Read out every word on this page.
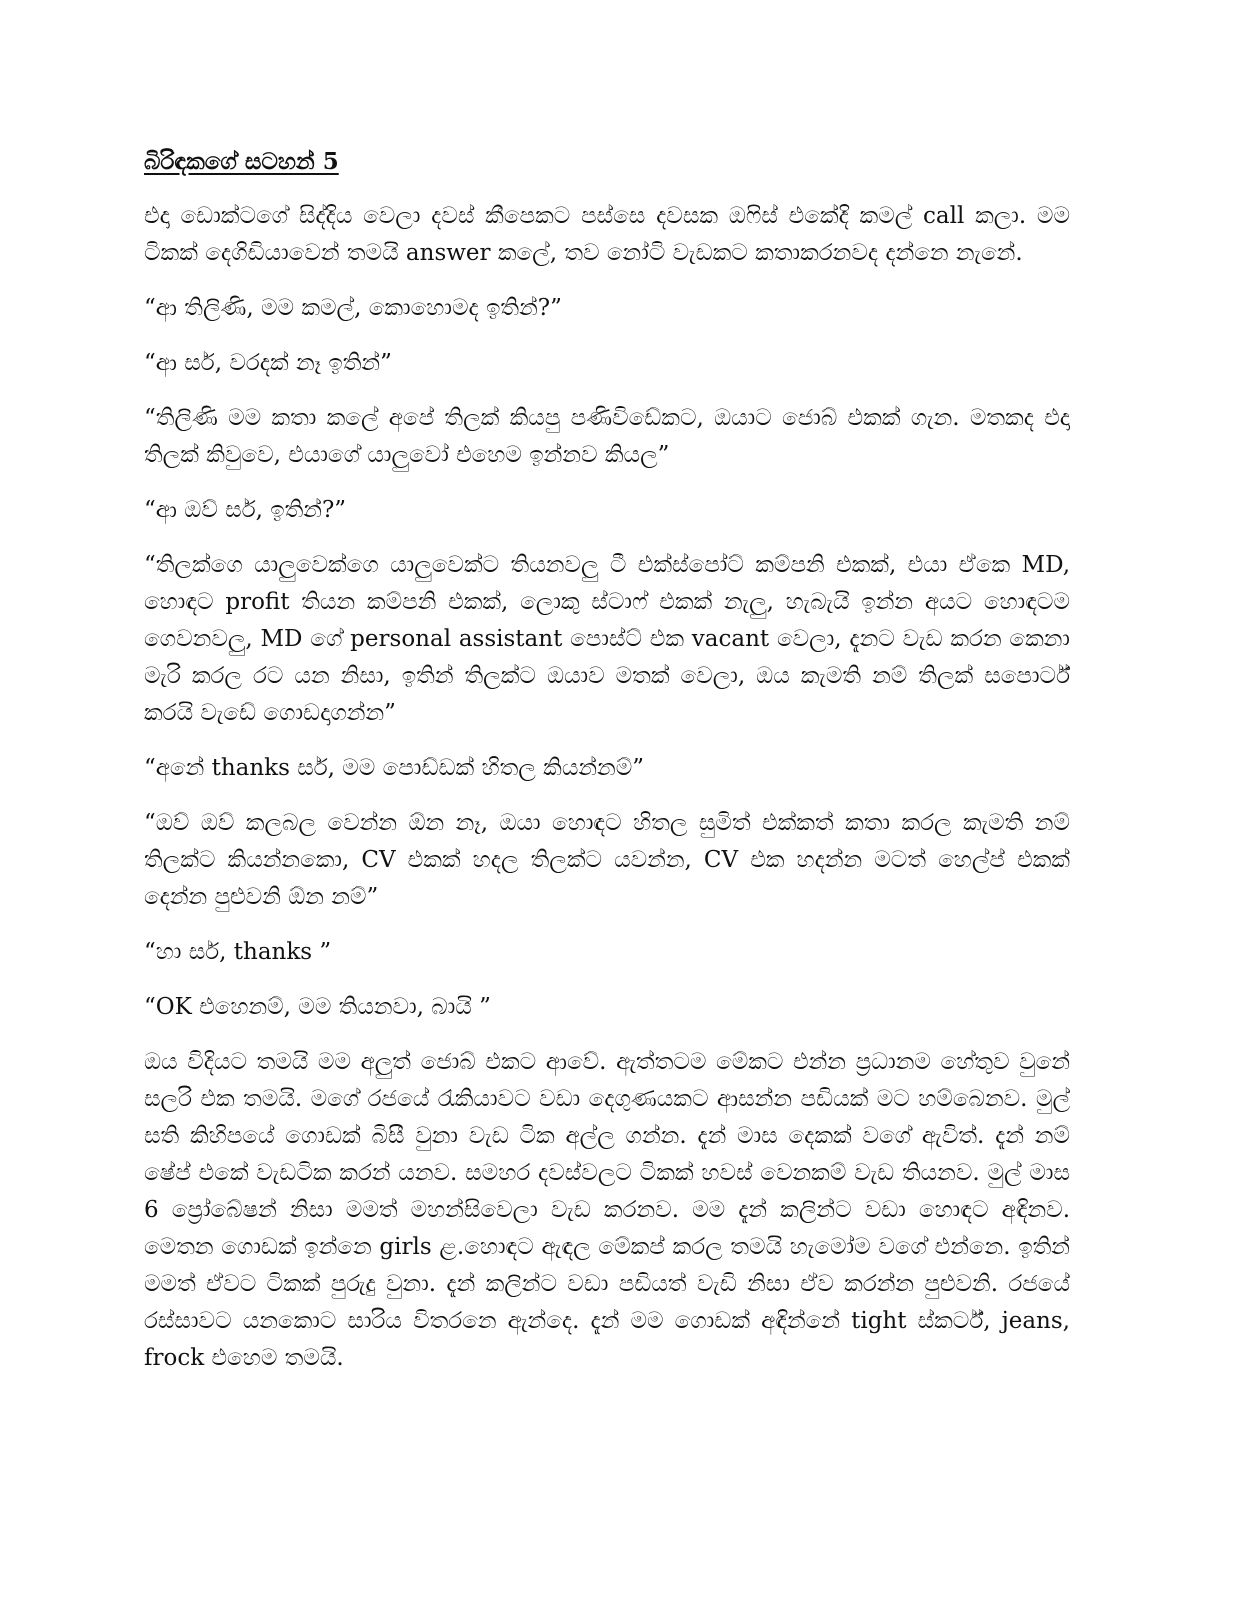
බිරිඳකගේ සටහන් 5

එදා ඩොක්ටගේ සිද්දිය වෙලා දවස් කීපෙකට පස්සෙ දවසක ඔෆිස් එකේදි කමල් call කලා. මම ටිකක් දෙගිඩියාවෙන් තමයි answer කලේ, තව නෝටි වැඩකට කතාකරනවද දන්නෙ නැනේ.

“ආ තිලිණි, මම කමල්, කොහොමද ඉතින්?”

“ආ සර්, වරදක් නෑ ඉතින්”

“තිලිණි මම කතා කලේ අපේ තිලක් කියපු පණිවිඩේකට, ඔයාට ජොබ් එකක් ගැන. මතකද එදා තිලක් කිවුවෙ, එයාගේ යාලුවෝ එහෙම ඉන්නව කියල”

“ආ ඔව් සර්, ඉතින්?”

“තිලක්ගෙ යාලුවෙක්ගෙ යාලුවෙක්ට තියනවලු ටී එක්ස්පෝට් කම්පනි එකක්, එයා ඒකෙ MD, හොඳට profit තියන කම්පනි එකක්, ලොකු ස්ටාෆ් එකක් නැලු, හැබැයි ඉන්න අයට හොඳටම ගෙවනවලු, MD ගේ personal assistant පොස්ට් එක vacant වෙලා, දැනට වැඩ කරන කෙනා මැරි කරල රට යන නිසා, ඉතින් තිලක්ට ඔයාව මතක් වෙලා, ඔය කැමති නම් තිලක් සපොර්ට් කරයි වැඩේ ගොඩදාගන්න”

“අනේ thanks සර්, මම පොඩ්ඩක් හිතල කියන්නම්”

“ඔව් ඔව් කලබල වෙන්න ඕන නෑ, ඔයා හොඳට හිතල සුමිත් එක්කත් කතා කරල කැමති නම් තිලක්ට කියන්නකො, CV එකක් හදල තිලක්ට යවන්න, CV එක හදන්න මටත් හෙල්ප් එකක් දෙන්න පුළුවනි ඕන නම්”

“හා සර්, thanks ”

“OK එහෙනම්, මම තියනවා, බායි ”

ඔය විදියට තමයි මම අලුත් ජොබ් එකට ආවේ. ඇත්තටම මේකට එන්න ප්‍රධානම හේතුව වුනේ සලරි එක තමයි. මගේ රජයේ රැකියාවට වඩා දෙගුණයකට ආසන්න පඩියක් මට හම්බෙනව. මුල් සති කිහිපයේ ගොඩක් බිසී වුනා වැඩ ටික අල්ල ගන්න. දැන් මාස දෙකක් වගේ ඇවිත්. දැන් නම් ෂේප් එකේ වැඩටික කරන් යනව. සමහර දවස්වලට ටිකක් හවස් වෙනකම් වැඩ තියනව. මුල් මාස 6 ප්‍රෝබේෂන් නිසා මමත් මහන්සිවෙලා වැඩ කරනව. මම දැන් කලින්ට වඩා හොඳට අඳිනව. මෙතන ගොඩක් ඉන්නෙ girls ළ.හොඳට ඇඳල මේකප් කරල තමයි හැමෝම වගේ එන්නෙ. ඉතින් මමත් ඒවට ටිකක් පුරුදු වුනා. දැන් කලින්ට වඩා පඩියත් වැඩි නිසා ඒව කරන්න පුළුවනි. රජයේ රස්සාවට යනකොට සාරිය විතරනෙ ඇන්දෙ. දැන් මම ගොඩක් අඳින්නේ tight ස්කර්ට්, jeans, frock එහෙම තමයි.
